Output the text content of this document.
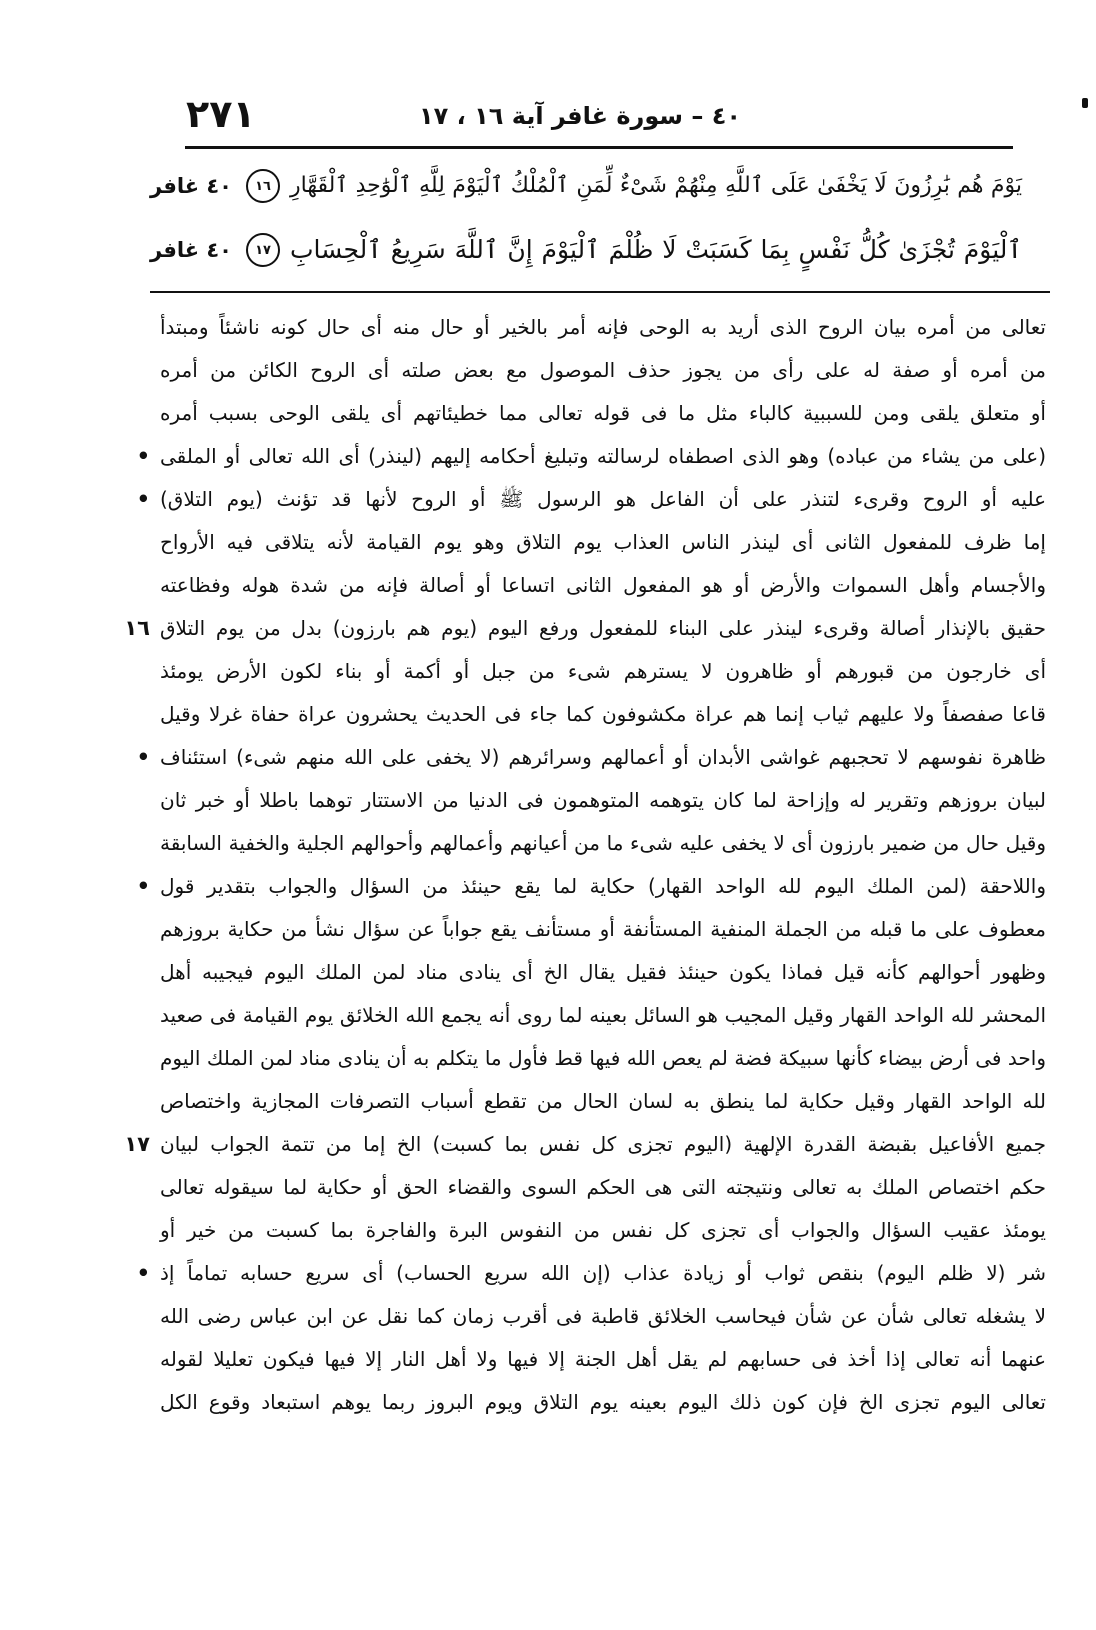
٢٧١	٤٠ – سورة غافر آية ١٦ ، ١٧
يَوْمَ هُم بَٰرِزُونَ لَا يَخْفَىٰ عَلَى ٱللَّهِ مِنْهُمْ شَىْءٌ لِّمَنِ ٱلْمُلْكُ ٱلْيَوْمَ لِلَّهِ ٱلْوَٰحِدِ ٱلْقَهَّارِ
١٦
٤٠ غافر
ٱلْيَوْمَ تُجْزَىٰ كُلُّ نَفْسٍ بِمَا كَسَبَتْ لَا ظُلْمَ ٱلْيَوْمَ إِنَّ ٱللَّهَ سَرِيعُ ٱلْحِسَابِ
١٧
٤٠ غافر
تعالى من أمره بيان الروح الذى أريد به الوحى فإنه أمر بالخير أو حال منه أى حال كونه ناشئاً ومبتدأ
من أمره أو صفة له على رأى من يجوز حذف الموصول مع بعض صلته أى الروح الكائن من أمره
أو متعلق يلقى ومن للسببية كالباء مثل ما فى قوله تعالى مما خطيئاتهم أى يلقى الوحى بسبب أمره
(على من يشاء من عباده) وهو الذى اصطفاه لرسالته وتبليغ أحكامه إليهم (لينذر) أى الله تعالى أو الملقى
•
عليه أو الروح وقرىء لتنذر على أن الفاعل هو الرسول ﷺ أو الروح لأنها قد تؤنث (يوم التلاق)
•
إما ظرف للمفعول الثانى أى لينذر الناس العذاب يوم التلاق وهو يوم القيامة لأنه يتلاقى فيه الأرواح
والأجسام وأهل السموات والأرض أو هو المفعول الثانى اتساعا أو أصالة فإنه من شدة هوله وفظاعته
حقيق بالإنذار أصالة وقرىء لينذر على البناء للمفعول ورفع اليوم (يوم هم بارزون) بدل من يوم التلاق
١٦
أى خارجون من قبورهم أو ظاهرون لا يسترهم شىء من جبل أو أكمة أو بناء لكون الأرض يومئذ
قاعا صفصفاً ولا عليهم ثياب إنما هم عراة مكشوفون كما جاء فى الحديث يحشرون عراة حفاة غرلا وقيل
ظاهرة نفوسهم لا تحجبهم غواشى الأبدان أو أعمالهم وسرائرهم (لا يخفى على الله منهم شىء) استئناف
•
لبيان بروزهم وتقرير له وإزاحة لما كان يتوهمه المتوهمون فى الدنيا من الاستتار توهما باطلا أو خبر ثان
وقيل حال من ضمير بارزون أى لا يخفى عليه شىء ما من أعيانهم وأعمالهم وأحوالهم الجلية والخفية السابقة
واللاحقة (لمن الملك اليوم لله الواحد القهار) حكاية لما يقع حينئذ من السؤال والجواب بتقدير قول
•
معطوف على ما قبله من الجملة المنفية المستأنفة أو مستأنف يقع جواباً عن سؤال نشأ من حكاية بروزهم
وظهور أحوالهم كأنه قيل فماذا يكون حينئذ فقيل يقال الخ أى ينادى مناد لمن الملك اليوم فيجيبه أهل
المحشر لله الواحد القهار وقيل المجيب هو السائل بعينه لما روى أنه يجمع الله الخلائق يوم القيامة فى صعيد
واحد فى أرض بيضاء كأنها سبيكة فضة لم يعص الله فيها قط فأول ما يتكلم به أن ينادى مناد لمن الملك اليوم
لله الواحد القهار وقيل حكاية لما ينطق به لسان الحال من تقطع أسباب التصرفات المجازية واختصاص
جميع الأفاعيل بقبضة القدرة الإلهية (اليوم تجزى كل نفس بما كسبت) الخ إما من تتمة الجواب لبيان
١٧
حكم اختصاص الملك به تعالى ونتيجته التى هى الحكم السوى والقضاء الحق أو حكاية لما سيقوله تعالى
يومئذ عقيب السؤال والجواب أى تجزى كل نفس من النفوس البرة والفاجرة بما كسبت من خير أو
شر (لا ظلم اليوم) بنقص ثواب أو زيادة عذاب (إن الله سريع الحساب) أى سريع حسابه تماماً إذ
•
لا يشغله تعالى شأن عن شأن فيحاسب الخلائق قاطبة فى أقرب زمان كما نقل عن ابن عباس رضى الله
عنهما أنه تعالى إذا أخذ فى حسابهم لم يقل أهل الجنة إلا فيها ولا أهل النار إلا فيها فيكون تعليلا لقوله
تعالى اليوم تجزى الخ فإن كون ذلك اليوم بعينه يوم التلاق ويوم البروز ربما يوهم استبعاد وقوع الكل
